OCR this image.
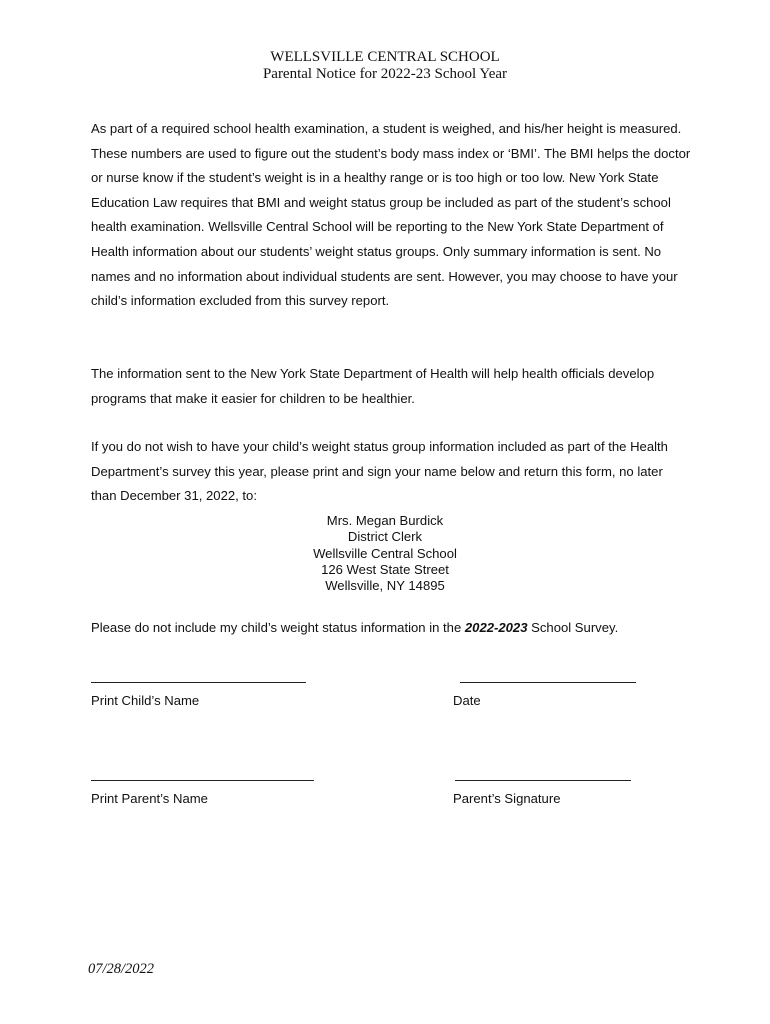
WELLSVILLE CENTRAL SCHOOL
Parental Notice for 2022-23 School Year
As part of a required school health examination, a student is weighed, and his/her height is measured. These numbers are used to figure out the student’s body mass index or ‘BMI’. The BMI helps the doctor or nurse know if the student’s weight is in a healthy range or is too high or too low. New York State Education Law requires that BMI and weight status group be included as part of the student’s school health examination. Wellsville Central School will be reporting to the New York State Department of Health information about our students’ weight status groups. Only summary information is sent. No names and no information about individual students are sent. However, you may choose to have your child’s information excluded from this survey report.
The information sent to the New York State Department of Health will help health officials develop programs that make it easier for children to be healthier.
If you do not wish to have your child’s weight status group information included as part of the Health Department’s survey this year, please print and sign your name below and return this form, no later than December 31, 2022, to:
Mrs. Megan Burdick
District Clerk
Wellsville Central School
126 West State Street
Wellsville, NY 14895
Please do not include my child’s weight status information in the 2022-2023 School Survey.
Print Child’s Name	Date
Print Parent’s Name	Parent’s Signature
07/28/2022
